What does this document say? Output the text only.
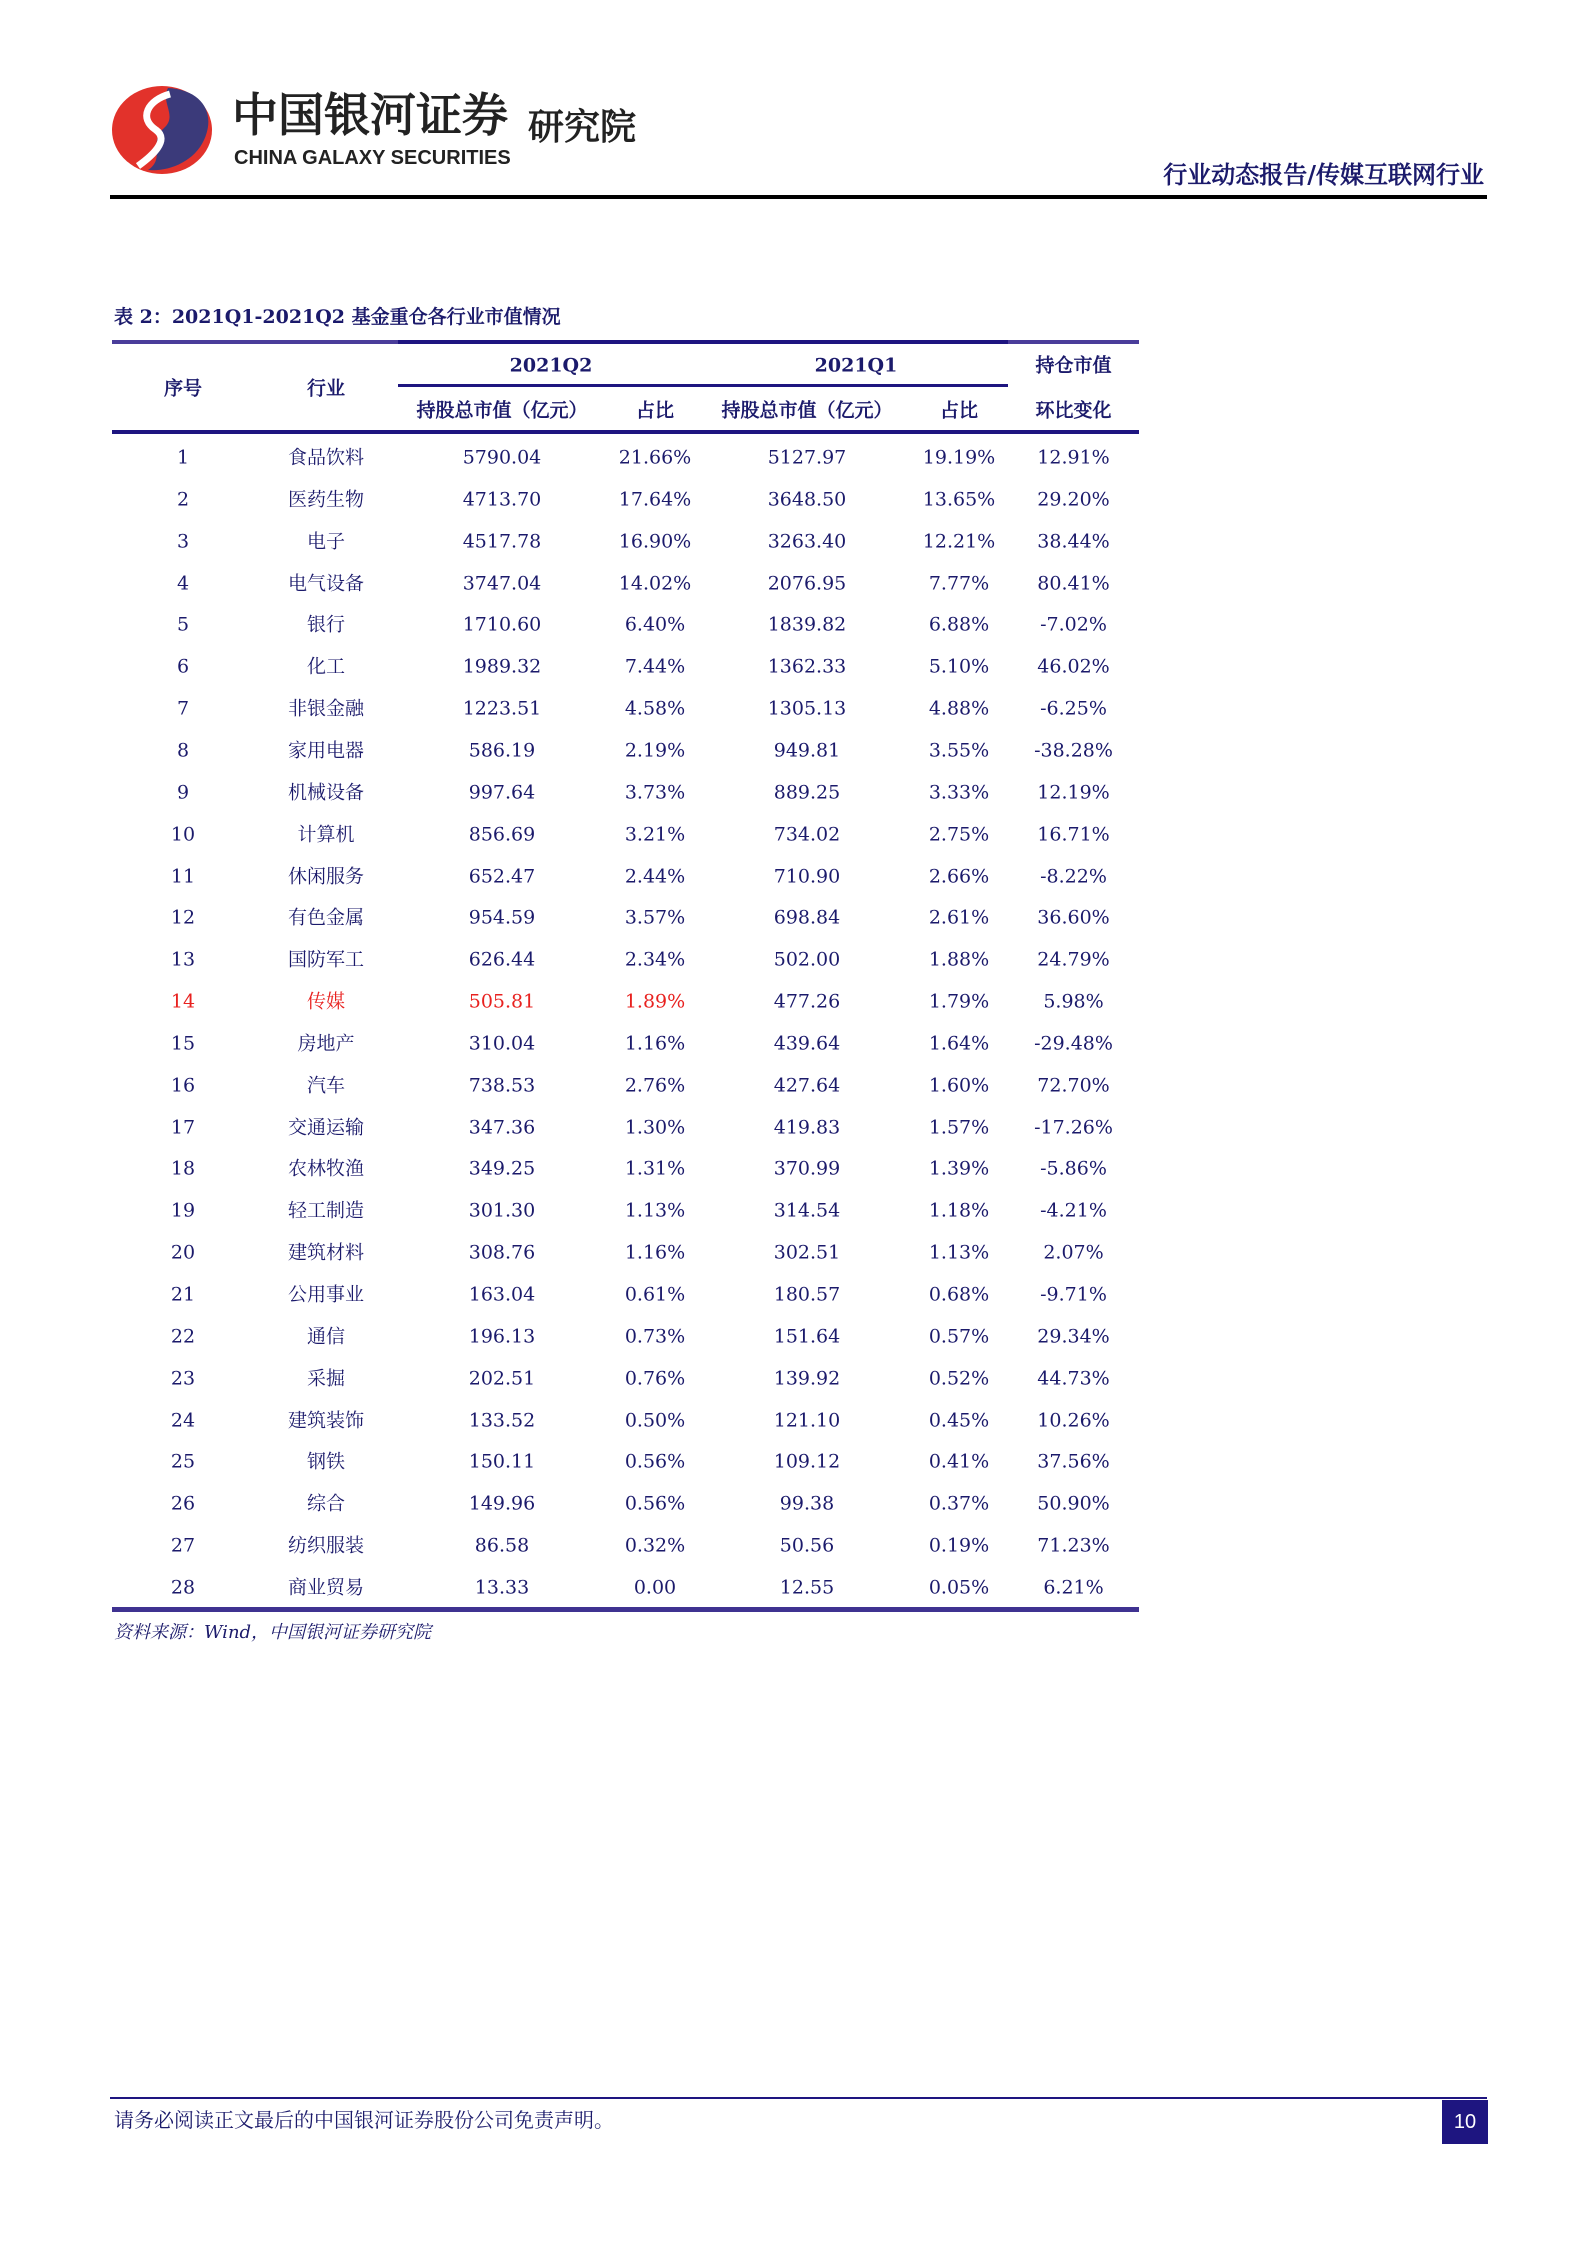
中国银河证券
CHINA GALAXY SECURITIES
研究院
行业动态报告/传媒互联网行业
表 2：2021Q1-2021Q2 基金重仓各行业市值情况
序号	行业
2021Q2	2021Q1	持仓市值
环比变化
持股总市值（亿元）	占比	持股总市值（亿元）	占比
1	食品饮料	5790.04	21.66%	5127.97	19.19%	12.91%
2	医药生物	4713.70	17.64%	3648.50	13.65%	29.20%
3	电子	4517.78	16.90%	3263.40	12.21%	38.44%
4	电气设备	3747.04	14.02%	2076.95	7.77%	80.41%
5	银行	1710.60	6.40%	1839.82	6.88%	-7.02%
6	化工	1989.32	7.44%	1362.33	5.10%	46.02%
7	非银金融	1223.51	4.58%	1305.13	4.88%	-6.25%
8	家用电器	586.19	2.19%	949.81	3.55%	-38.28%
9	机械设备	997.64	3.73%	889.25	3.33%	12.19%
10	计算机	856.69	3.21%	734.02	2.75%	16.71%
11	休闲服务	652.47	2.44%	710.90	2.66%	-8.22%
12	有色金属	954.59	3.57%	698.84	2.61%	36.60%
13	国防军工	626.44	2.34%	502.00	1.88%	24.79%
14	传媒	505.81	1.89%	477.26	1.79%	5.98%
15	房地产	310.04	1.16%	439.64	1.64%	-29.48%
16	汽车	738.53	2.76%	427.64	1.60%	72.70%
17	交通运输	347.36	1.30%	419.83	1.57%	-17.26%
18	农林牧渔	349.25	1.31%	370.99	1.39%	-5.86%
19	轻工制造	301.30	1.13%	314.54	1.18%	-4.21%
20	建筑材料	308.76	1.16%	302.51	1.13%	2.07%
21	公用事业	163.04	0.61%	180.57	0.68%	-9.71%
22	通信	196.13	0.73%	151.64	0.57%	29.34%
23	采掘	202.51	0.76%	139.92	0.52%	44.73%
24	建筑装饰	133.52	0.50%	121.10	0.45%	10.26%
25	钢铁	150.11	0.56%	109.12	0.41%	37.56%
26	综合	149.96	0.56%	99.38	0.37%	50.90%
27	纺织服装	86.58	0.32%	50.56	0.19%	71.23%
28	商业贸易	13.33	0.00	12.55	0.05%	6.21%
资料来源：Wind，中国银河证券研究院
请务必阅读正文最后的中国银河证券股份公司免责声明。	10
